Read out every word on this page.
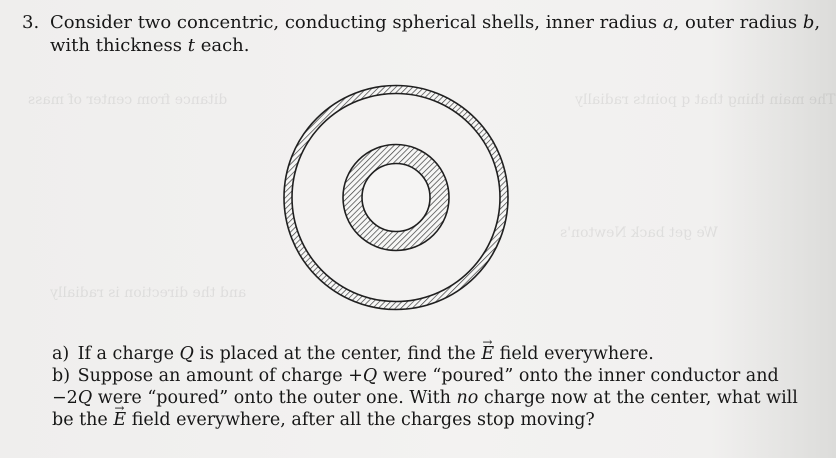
The main thing that q points radially
ditance from center of mass
We get back Newton's
and the direction is radially
3. Consider two concentric, conducting spherical shells, inner radius a, outer radius b,
with thickness t each.
a) If a charge Q is placed at the center, find the → E field everywhere.
b) Suppose an amount of charge +Q were “poured” onto the inner conductor and
−2Q were “poured” onto the outer one. With no charge now at the center, what will
be the → E field everywhere, after all the charges stop moving?
